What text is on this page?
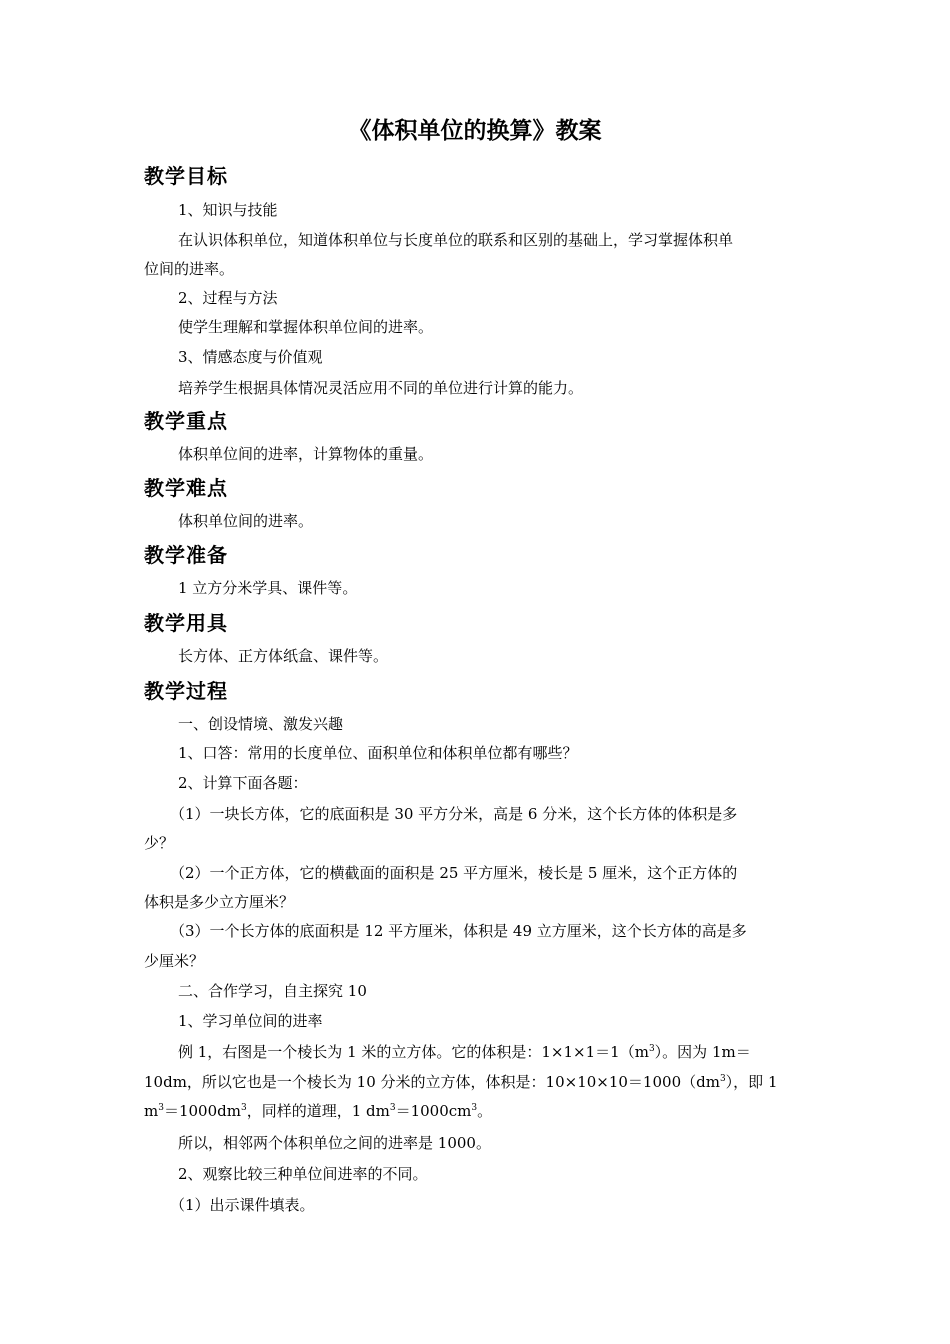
《体积单位的换算》教案
教学目标
1、知识与技能
在认识体积单位，知道体积单位与长度单位的联系和区别的基础上，学习掌握体积单
位间的进率。
2、过程与方法
使学生理解和掌握体积单位间的进率。
3、情感态度与价值观
培养学生根据具体情况灵活应用不同的单位进行计算的能力。
教学重点
体积单位间的进率，计算物体的重量。
教学难点
体积单位间的进率。
教学准备
1 立方分米学具、课件等。
教学用具
长方体、正方体纸盒、课件等。
教学过程
一、创设情境、激发兴趣
1、口答：常用的长度单位、面积单位和体积单位都有哪些？
2、计算下面各题：
（1）一块长方体，它的底面积是 30 平方分米，高是 6 分米，这个长方体的体积是多
少？
（2）一个正方体，它的横截面的面积是 25 平方厘米，棱长是 5 厘米，这个正方体的
体积是多少立方厘米？
（3）一个长方体的底面积是 12 平方厘米，体积是 49 立方厘米，这个长方体的高是多
少厘米？
二、合作学习，自主探究 10
1、学习单位间的进率
例 1，右图是一个棱长为 1 米的立方体。它的体积是：$1\times 1\times 1=1(m^3)$。因为 1m＝
10dm，所以它也是一个棱长为 10 分米的立方体，体积是：$10\times 10\times 10=1000(dm^3)$，即 1
$m^3=1000dm^3$，同样的道理，1 $dm^3=1000cm^3$。
所以，相邻两个体积单位之间的进率是 1000。
2、观察比较三种单位间进率的不同。
（1）出示课件填表。
